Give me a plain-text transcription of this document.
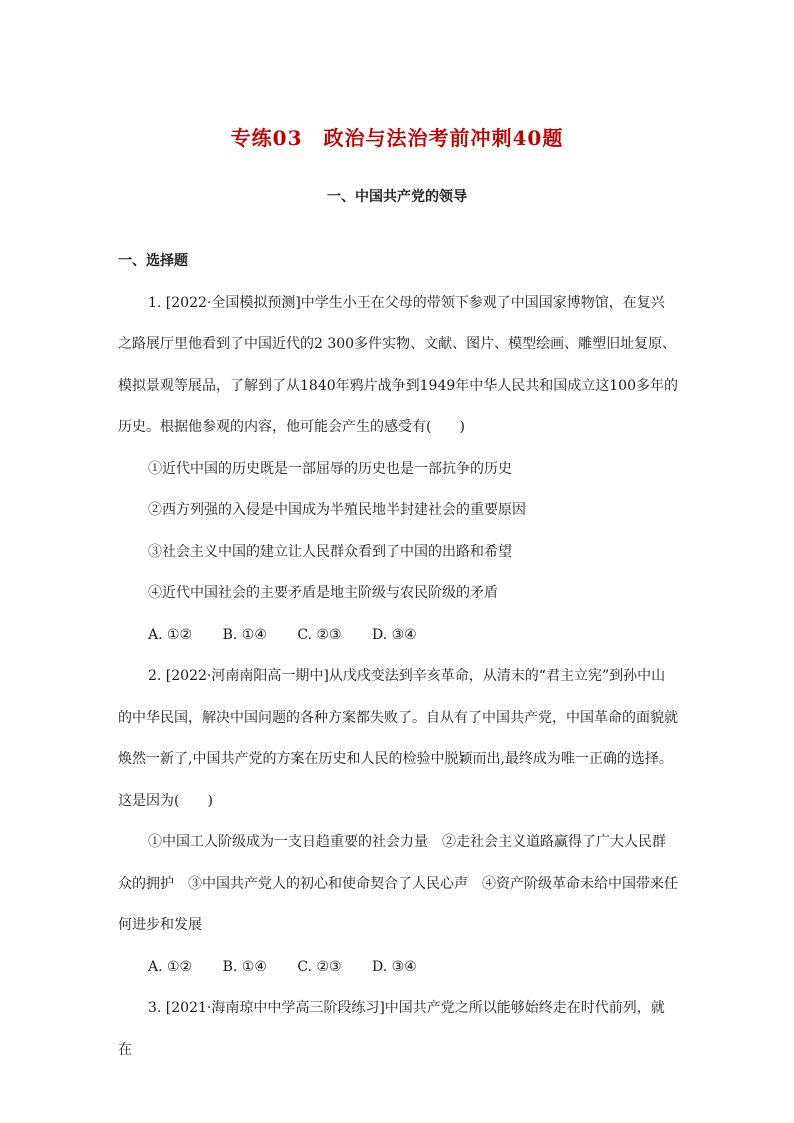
专练03　政治与法治考前冲刺40题
一、中国共产党的领导

一、选择题

1. [2022·全国模拟预测]中学生小王在父母的带领下参观了中国国家博物馆，在复兴之路展厅里他看到了中国近代的2 300多件实物、文献、图片、模型绘画、雕塑旧址复原、模拟景观等展品，了解到了从1840年鸦片战争到1949年中华人民共和国成立这100多年的历史。根据他参观的内容，他可能会产生的感受有(　　)

①近代中国的历史既是一部屈辱的历史也是一部抗争的历史

②西方列强的入侵是中国成为半殖民地半封建社会的重要原因

③社会主义中国的建立让人民群众看到了中国的出路和希望

④近代中国社会的主要矛盾是地主阶级与农民阶级的矛盾

A. ①② B. ①④ C. ②③ D. ③④

2. [2022·河南南阳高一期中]从戊戌变法到辛亥革命，从清末的“君主立宪”到孙中山的中华民国，解决中国问题的各种方案都失败了。自从有了中国共产党，中国革命的面貌就焕然一新了,中国共产党的方案在历史和人民的检验中脱颖而出,最终成为唯一正确的选择。这是因为(　　)

①中国工人阶级成为一支日趋重要的社会力量　②走社会主义道路赢得了广大人民群众的拥护　③中国共产党人的初心和使命契合了人民心声　④资产阶级革命未给中国带来任何进步和发展

A. ①② B. ①④ C. ②③ D. ③④

3. [2021·海南琼中中学高三阶段练习]中国共产党之所以能够始终走在时代前列，就在
